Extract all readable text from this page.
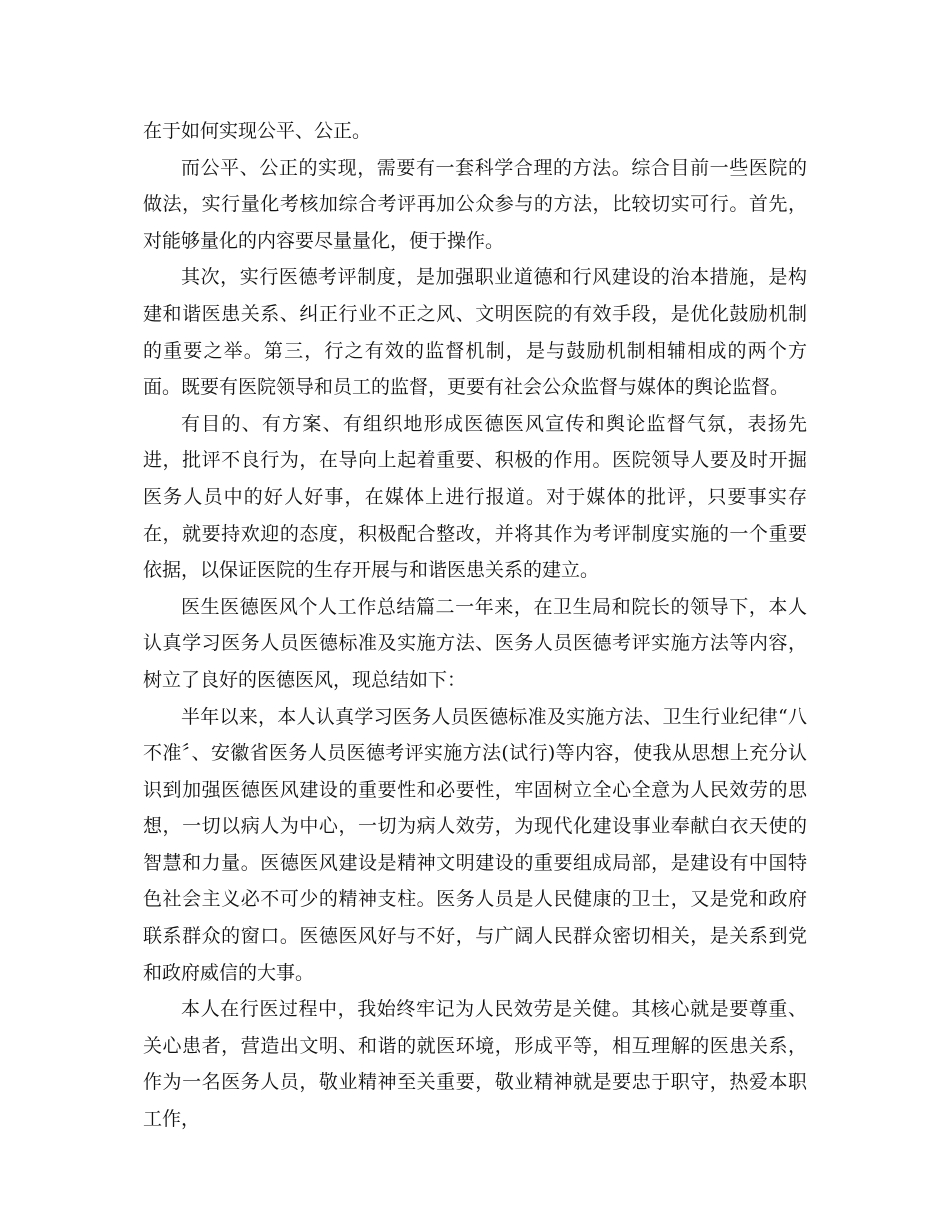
在于如何实现公平、公正。

而公平、公正的实现，需要有一套科学合理的方法。综合目前一些医院的做法，实行量化考核加综合考评再加公众参与的方法，比较切实可行。首先，对能够量化的内容要尽量量化，便于操作。

其次，实行医德考评制度，是加强职业道德和行风建设的治本措施，是构建和谐医患关系、纠正行业不正之风、文明医院的有效手段，是优化鼓励机制的重要之举。第三，行之有效的监督机制，是与鼓励机制相辅相成的两个方面。既要有医院领导和员工的监督，更要有社会公众监督与媒体的舆论监督。

有目的、有方案、有组织地形成医德医风宣传和舆论监督气氛，表扬先进，批评不良行为，在导向上起着重要、积极的作用。医院领导人要及时开掘医务人员中的好人好事，在媒体上进行报道。对于媒体的批评，只要事实存在，就要持欢迎的态度，积极配合整改，并将其作为考评制度实施的一个重要依据，以保证医院的生存开展与和谐医患关系的建立。

医生医德医风个人工作总结篇二一年来，在卫生局和院长的领导下，本人认真学习医务人员医德标准及实施方法、医务人员医德考评实施方法等内容，树立了良好的医德医风，现总结如下：

半年以来，本人认真学习医务人员医德标准及实施方法、卫生行业纪律“八不准〞、安徽省医务人员医德考评实施方法(试行)等内容，使我从思想上充分认识到加强医德医风建设的重要性和必要性，牢固树立全心全意为人民效劳的思想，一切以病人为中心，一切为病人效劳，为现代化建设事业奉献白衣天使的智慧和力量。医德医风建设是精神文明建设的重要组成局部，是建设有中国特色社会主义必不可少的精神支柱。医务人员是人民健康的卫士，又是党和政府联系群众的窗口。医德医风好与不好，与广阔人民群众密切相关，是关系到党和政府威信的大事。

本人在行医过程中，我始终牢记为人民效劳是关健。其核心就是要尊重、关心患者，营造出文明、和谐的就医环境，形成平等，相互理解的医患关系，作为一名医务人员，敬业精神至关重要，敬业精神就是要忠于职守，热爱本职工作，
